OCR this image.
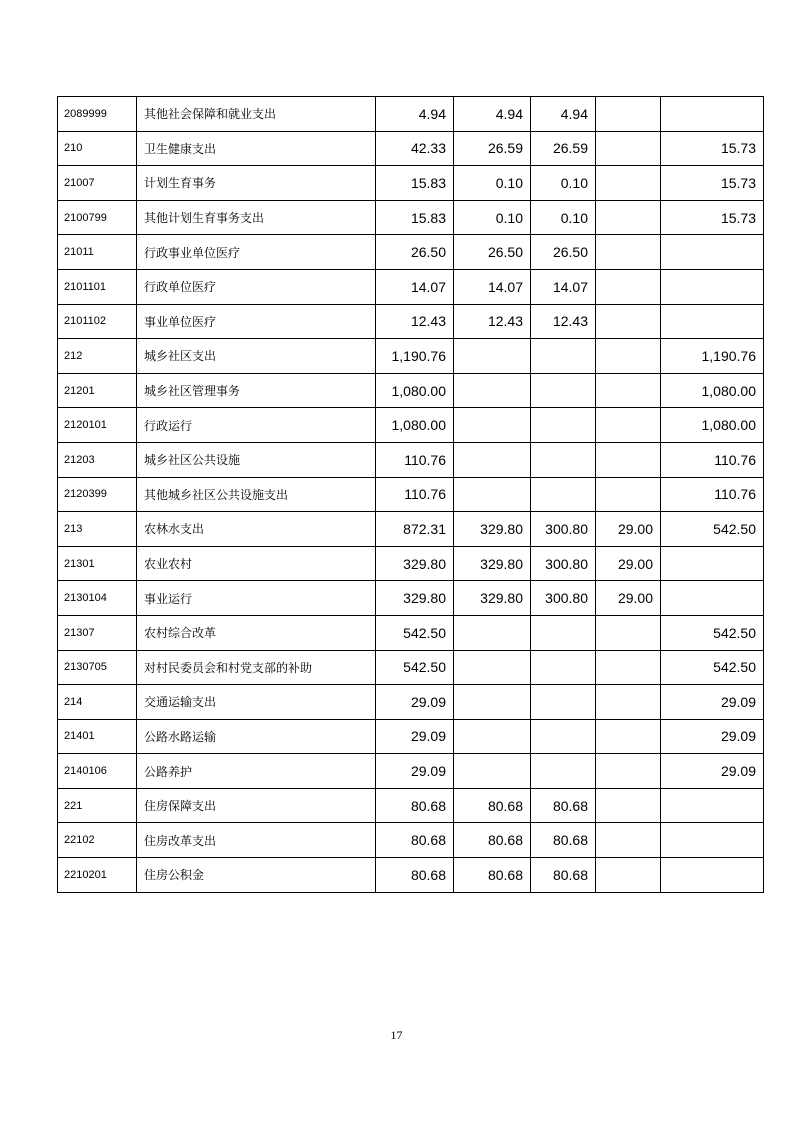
2089999	其他社会保障和就业支出	4.94	4.94	4.94		
210	卫生健康支出	42.33	26.59	26.59		15.73
21007	计划生育事务	15.83	0.10	0.10		15.73
2100799	其他计划生育事务支出	15.83	0.10	0.10		15.73
21011	行政事业单位医疗	26.50	26.50	26.50		
2101101	行政单位医疗	14.07	14.07	14.07		
2101102	事业单位医疗	12.43	12.43	12.43		
212	城乡社区支出	1,190.76				1,190.76
21201	城乡社区管理事务	1,080.00				1,080.00
2120101	行政运行	1,080.00				1,080.00
21203	城乡社区公共设施	110.76				110.76
2120399	其他城乡社区公共设施支出	110.76				110.76
213	农林水支出	872.31	329.80	300.80	29.00	542.50
21301	农业农村	329.80	329.80	300.80	29.00	
2130104	事业运行	329.80	329.80	300.80	29.00	
21307	农村综合改革	542.50				542.50
2130705	对村民委员会和村党支部的补助	542.50				542.50
214	交通运输支出	29.09				29.09
21401	公路水路运输	29.09				29.09
2140106	公路养护	29.09				29.09
221	住房保障支出	80.68	80.68	80.68		
22102	住房改革支出	80.68	80.68	80.68		
2210201	住房公积金	80.68	80.68	80.68		
17
